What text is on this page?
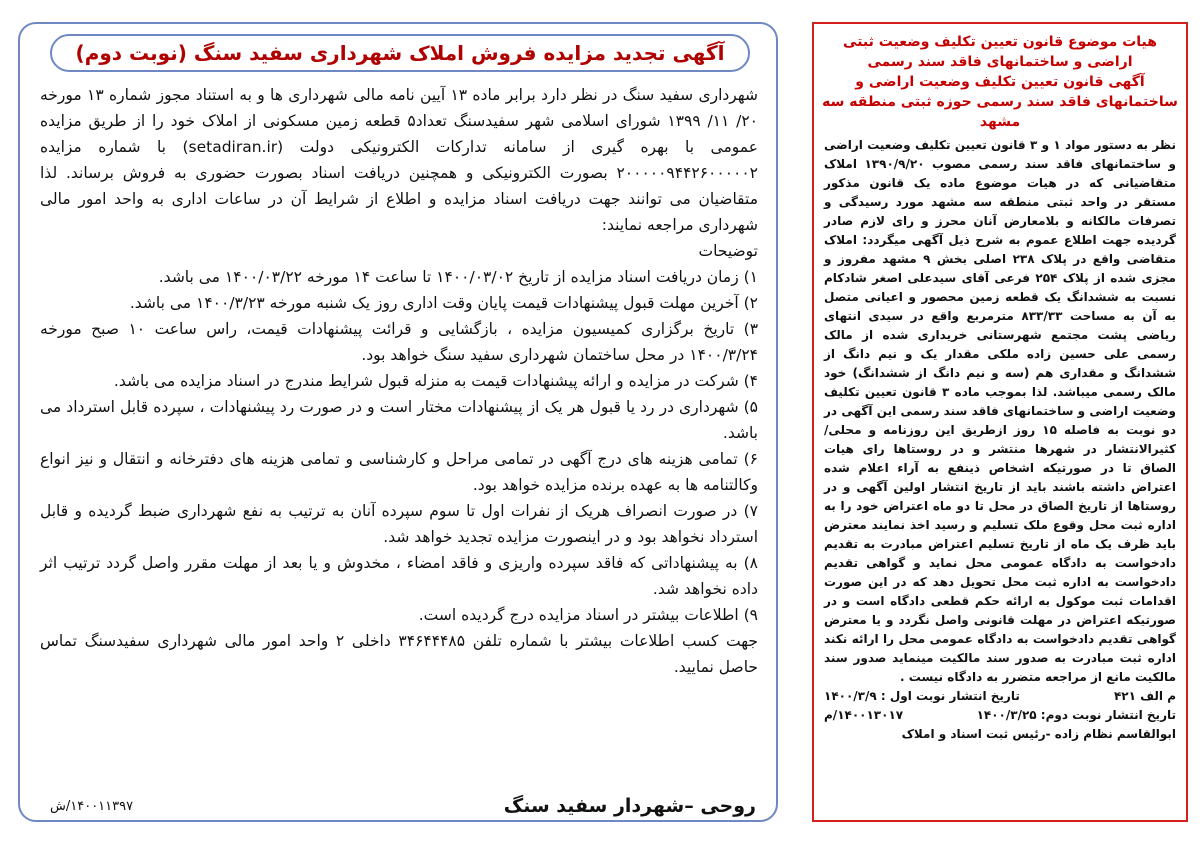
آگهی تجدید مزایده فروش املاک شهرداری سفید سنگ (نوبت دوم)

شهرداری سفید سنگ در نظر دارد برابر ماده ۱۳ آیین نامه مالی شهرداری ها و به استناد مجوز شماره ۱۳ مورخه ۲۰/ ۱۱/ ۱۳۹۹ شورای اسلامی شهر سفیدسنگ تعداد۵ قطعه زمین مسکونی از املاک خود را از طریق مزایده عمومی با بهره گیری از سامانه تدارکات الکترونیکی دولت (setadiran.ir) با شماره مزایده ۲۰۰۰۰۰۹۴۴۲۶۰۰۰۰۰۲ بصورت الکترونیکی و همچنین دریافت اسناد بصورت حضوری به فروش برساند. لذا متقاضیان می توانند جهت دریافت اسناد مزایده و اطلاع از شرایط آن در ساعات اداری به واحد امور مالی شهرداری مراجعه نمایند:

توضیحات

۱) زمان دریافت اسناد مزایده از تاریخ ۱۴۰۰/۰۳/۰۲ تا ساعت ۱۴ مورخه ۱۴۰۰/۰۳/۲۲ می باشد.

۲) آخرین مهلت قبول پیشنهادات قیمت پایان وقت اداری روز یک شنبه مورخه ۱۴۰۰/۳/۲۳ می باشد.

۳) تاریخ برگزاری کمیسیون مزایده ، بازگشایی و قرائت پیشنهادات قیمت، راس ساعت ۱۰ صبح مورخه ۱۴۰۰/۳/۲۴ در محل ساختمان شهرداری سفید سنگ خواهد بود.

۴) شرکت در مزایده و ارائه پیشنهادات قیمت به منزله قبول شرایط مندرج در اسناد مزایده می باشد.

۵) شهرداری در رد یا قبول هر یک از پیشنهادات مختار است و در صورت رد پیشنهادات ، سپرده قابل استرداد می باشد.

۶) تمامی هزینه های درج آگهی در تمامی مراحل و کارشناسی و تمامی هزینه های دفترخانه و انتقال و نیز انواع وکالتنامه ها به عهده برنده مزایده خواهد بود.

۷) در صورت انصراف هریک از نفرات اول تا سوم سپرده آنان به ترتیب به نفع شهرداری ضبط گردیده و قابل استرداد نخواهد بود و در اینصورت مزایده تجدید خواهد شد.

۸) به پیشنهاداتی که فاقد سپرده واریزی و فاقد امضاء ، مخدوش و یا بعد از مهلت مقرر واصل گردد ترتیب اثر داده نخواهد شد.

۹) اطلاعات بیشتر در اسناد مزایده درج گردیده است.

جهت کسب اطلاعات بیشتر با شماره تلفن ۳۴۶۴۴۴۸۵ داخلی ۲ واحد امور مالی شهرداری سفیدسنگ تماس حاصل نمایید.

۱۴۰۰۱۱۳۹۷/ش	روحی –شهردار سفید سنگ
هیات موضوع قانون تعیین تکلیف وضعیت ثبتی اراضی و ساختمانهای فاقد سند رسمی
آگهی قانون تعیین تکلیف وضعیت اراضی و ساختمانهای فاقد سند رسمی حوزه ثبتی منطقه سه مشهد

نظر به دستور مواد ۱ و ۳ قانون تعیین تکلیف وضعیت اراضی و ساختمانهای فاقد سند رسمی مصوب ۱۳۹۰/۹/۲۰ املاک متقاضیانی که در هیات موضوع ماده یک قانون مذکور مستقر در واحد ثبتی منطقه سه مشهد مورد رسیدگی و تصرفات مالکانه و بلامعارض آنان محرز و رای لازم صادر گردیده جهت اطلاع عموم به شرح ذیل آگهی میگردد: املاک متقاضی واقع در پلاک ۲۳۸ اصلی بخش ۹ مشهد مفروز و مجزی شده از پلاک ۲۵۴ فرعی آقای سیدعلی اصغر شادکام نسبت به ششدانگ یک قطعه زمین محصور و اعیانی متصل به آن به مساحت ۸۳۳/۳۳ مترمربع واقع در سیدی انتهای ریاضی پشت مجتمع شهرستانی خریداری شده از مالک رسمی علی حسین زاده ملکی مقدار یک و نیم دانگ از ششدانگ و مقداری هم (سه و نیم دانگ از ششدانگ) خود مالک رسمی میباشد. لذا بموجب ماده ۳ قانون تعیین تکلیف وضعیت اراضی و ساختمانهای فاقد سند رسمی این آگهی در دو نوبت به فاصله ۱۵ روز ازطریق این روزنامه و محلی/کثیرالانتشار در شهرها منتشر و در روستاها رای هیات الصاق تا در صورتیکه اشخاص ذینفع به آراء اعلام شده اعتراض داشته باشند باید از تاریخ انتشار اولین آگهی و در روستاها از تاریخ الصاق در محل تا دو ماه اعتراض خود را به اداره ثبت محل وقوع ملک تسلیم و رسید اخذ نمایند معترض باید ظرف یک ماه از تاریخ تسلیم اعتراض مبادرت به تقدیم دادخواست به دادگاه عمومی محل نماید و گواهی تقدیم دادخواست به اداره ثبت محل تحویل دهد که در این صورت اقدامات ثبت موکول به ارائه حکم قطعی دادگاه است و در صورتیکه اعتراض در مهلت قانونی واصل نگردد و یا معترض گواهی تقدیم دادخواست به دادگاه عمومی محل را ارائه نکند اداره ثبت مبادرت به صدور سند مالکیت مینماید صدور سند مالکیت مانع از مراجعه متضرر به دادگاه نیست .

م الف ۴۲۱
تاریخ انتشار نوبت اول : ۱۴۰۰/۳/۹
تاریخ انتشار نوبت دوم: ۱۴۰۰/۳/۲۵
۱۴۰۰۱۳۰۱۷/م
ابوالقاسم نظام زاده -رئیس ثبت اسناد و املاک
